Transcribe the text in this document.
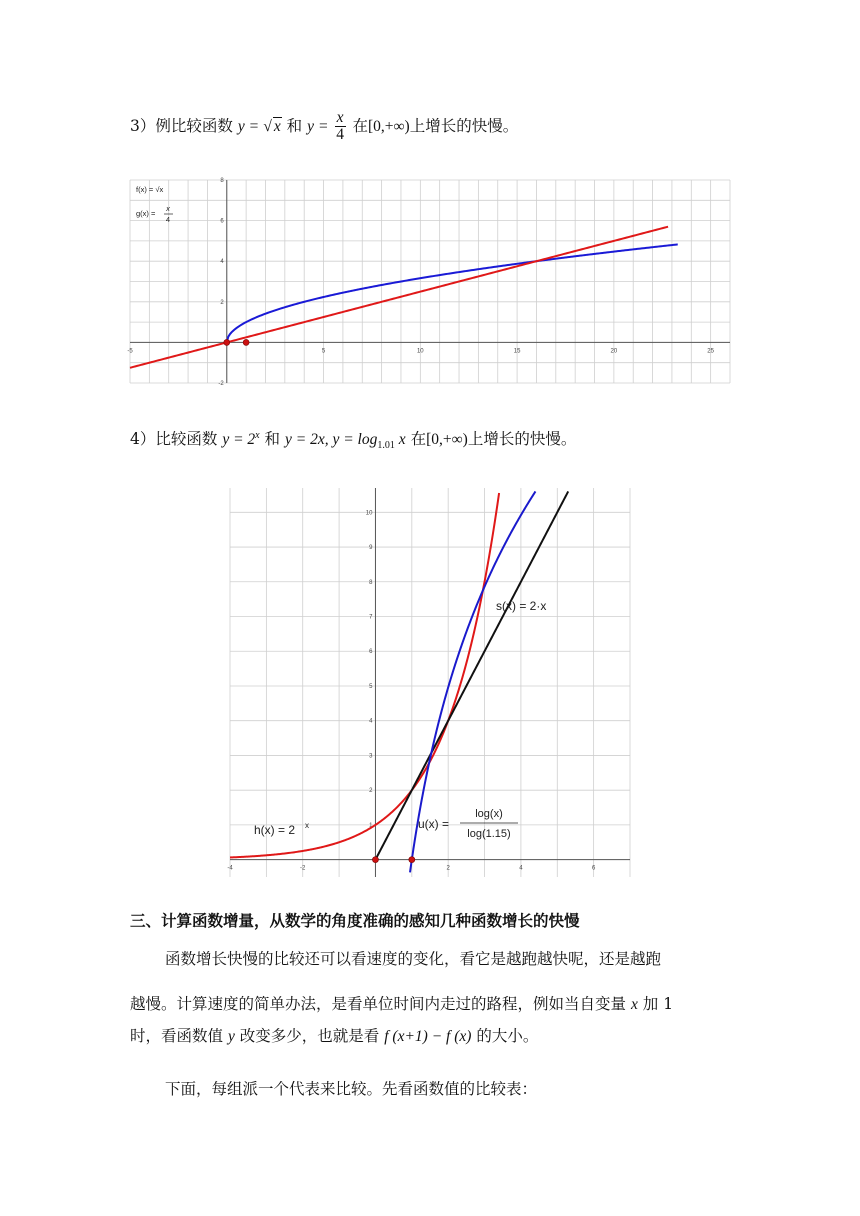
3）例比较函数 y = √ x 和 $y = \frac{x}{4}$ 在[0,+∞)上增长的快慢。
-5	5	10	15	20	25
-2
2
4
6
8
f(x) = √x
g(x) =
x
4
4）比较函数 $y = 2^x$ 和 y = 2x, $y = \log_{1.01} x$ 在[0,+∞)上增长的快慢。
-4	-2	2	4	6
1
2
3
4
5
6
7
8
9
10
h(x) = 2 x
s(x) = 2·x
u(x) =
log(x)
log(1.15)
三、计算函数增量，从数学的角度准确的感知几种函数增长的快慢
函数增长快慢的比较还可以看速度的变化，看它是越跑越快呢，还是越跑
越慢。计算速度的简单办法，是看单位时间内走过的路程，例如当自变量 x 加 1
时，看函数值 y 改变多少，也就是看 f (x+1) − f (x) 的大小。
下面，每组派一个代表来比较。先看函数值的比较表：
